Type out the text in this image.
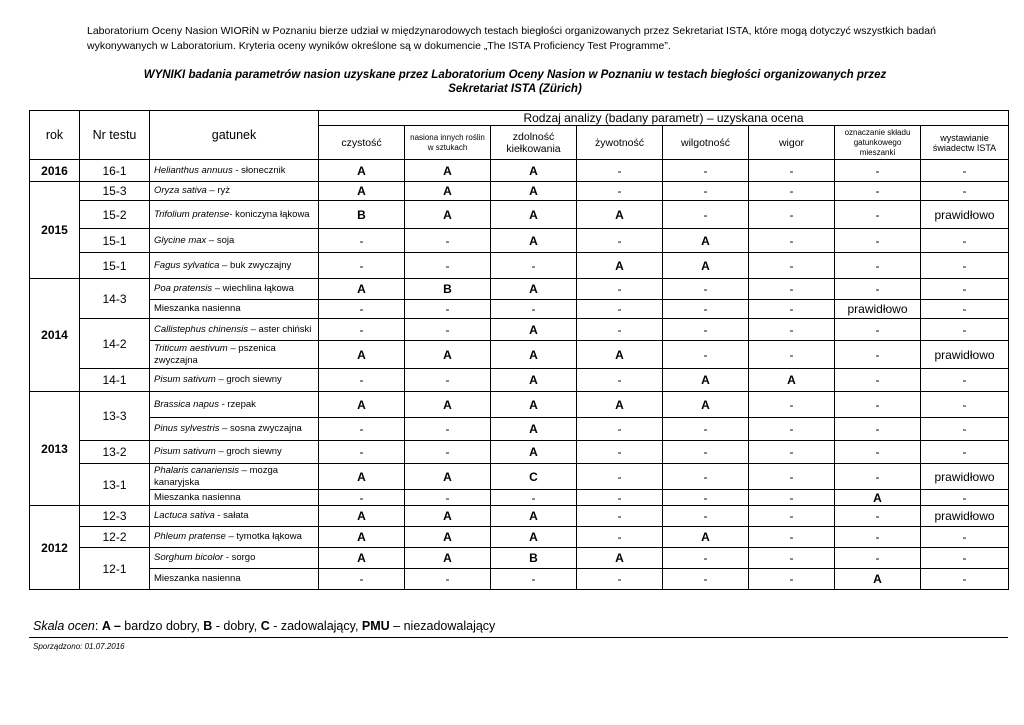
Laboratorium Oceny Nasion WIORiN w Poznaniu bierze udział w międzynarodowych testach biegłości organizowanych przez Sekretariat ISTA, które mogą dotyczyć wszystkich badań wykonywanych w Laboratorium. Kryteria oceny wyników określone są w dokumencie „The ISTA Proficiency Test Programme”.
WYNIKI badania parametrów nasion uzyskane przez Laboratorium Oceny Nasion w Poznaniu w testach biegłości organizowanych przez
Sekretariat ISTA (Zürich)
rok	Nr testu	gatunek	Rodzaj analizy (badany parametr) – uzyskana ocena							
			czystość	nasiona innych roślin w sztukach	zdolność kiełkowania	żywotność	wilgotność	wigor	oznaczanie składu gatunkowego mieszanki	wystawianie świadectw ISTA
2016	16-1	Helianthus annuus - słonecznik	A	A	A	-	-	-	-	-
2015	15-3	Oryza sativa – ryż	A	A	A	-	-	-	-	-
	15-2	Trifolium pratense- koniczyna łąkowa	B	A	A	A	-	-	-	prawidłowo
	15-1	Glycine max – soja	-	-	A	-	A	-	-	-
	15-1	Fagus sylvatica – buk zwyczajny	-	-	-	A	A	-	-	-
2014	14-3	Poa pratensis – wiechlina łąkowa	A	B	A	-	-	-	-	-
		Mieszanka nasienna	-	-	-	-	-	-	prawidłowo	-
	14-2	Callistephus chinensis – aster chiński	-	-	A	-	-	-	-	-
		Triticum aestivum – pszenica zwyczajna	A	A	A	A	-	-	-	prawidłowo
	14-1	Pisum sativum – groch siewny	-	-	A	-	A	A	-	-
2013	13-3	Brassica napus - rzepak	A	A	A	A	A	-	-	-
		Pinus sylvestris – sosna zwyczajna	-	-	A	-	-	-	-	-
	13-2	Pisum sativum – groch siewny	-	-	A	-	-	-	-	-
	13-1	Phalaris canariensis – mozga kanaryjska	A	A	C	-	-	-	-	prawidłowo
		Mieszanka nasienna	-	-	-	-	-	-	A	-
2012	12-3	Lactuca sativa - sałata	A	A	A	-	-	-	-	prawidłowo
	12-2	Phleum pratense – tymotka łąkowa	A	A	A	-	A	-	-	-
	12-1	Sorghum bicolor - sorgo	A	A	B	A	-	-	-	-
		Mieszanka nasienna	-	-	-	-	-	-	A	-
Skala ocen: A – bardzo dobry, B - dobry, C - zadowalający, PMU – niezadowalający
Sporządzono: 01.07.2016
